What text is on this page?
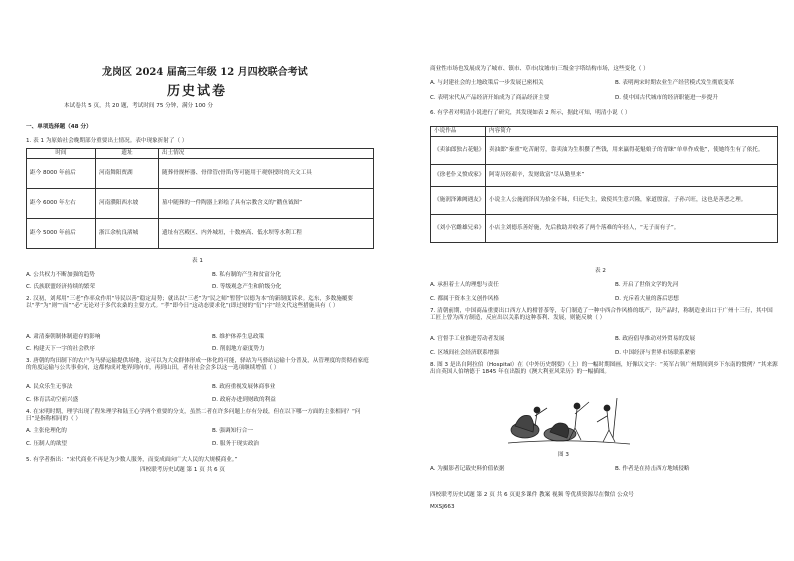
龙岗区 2024 届高三年级 12 月四校联合考试
历史试卷
本试卷共 5 页，共 20 题，考试时间 75 分钟，满分 100 分
一、单项选择题（48 分）
1. 表 1 为原始社会晚期部分重要出土情况。表中现象折射了（ ）
时间	遗址	出土情况
距今 8000 年前后	河南舞阳贾湖	随葬骨规杯器、骨律管(骨笛)等可能用于观察授时的天文工具
距今 6000 年左右	河南濮阳西水坡	墓中随葬的一件陶器上彩绘了具有宗教含义的“鹳鱼钺图”
距今 5000 年前后	浙江余杭良渚城	遗址有宫殿区、内外城垣，十数座高、低水坝等水利工程
表 1
A. 公共权力不断加强的趋势	B. 私有制的产生和贫富分化
C. 氏族联盟经济持续的繁荣	D. 等级观念产生和阶级分化
2. 汉初，刘邦用“三老”作率众作用“导民以善”稳定局势；就出以“三老”为“民之师”暂替“以德为本”的新制度诉求。迄东，多数施覆要以“孝”为“则”“而”“必”无论对于多代农桑的主要方式。“孝”即今日“这动态要求化”(即过财的“衍”)宇“经文代这些措施具有（ ）
A. 肃清秦朝制体制遗存的影响	B. 维护体养生息政策
C. 构建天下一字的社会秩序	D. 削弱地方豪度势力
3. 唐朝的均田制下的农户为马驿运输提供场地，这可以为大众群体形成一体化的可能，驿站为马驿站运输十分普及，从管理度的贯彻看家庭的角度运输与公共事业向，这都构成对地界到向市，再到山田，者有社会会多以这一选项继续增值（ ）
A. 民众乐生无事法	B. 政府重视发展休商事业
C. 体育活动空前兴盛	D. 政府办进到财政的利益
4. 在宋明时期，理学出现了程朱理学和陆王心学两个重要的分支，虽然二者在许多问题上存有分歧，但在以下哪一方面的主张相同？“问曰”是指称相同的（ ）
A. 主张伦理化的	B. 强调知行合一
C. 压制人的欲望	D. 服务于现实政治
5. 有学者指出：“宋代商业不再是为少数人服务，而变成面向广大人民的大规模商业。”
四校联考历史试题 第 1 页 共 6 页
商业性市场也发展成为了城市、镇市、草市(坟墟市)三级金字塔结构市场，这些变化（ ）
A. 与封建社会的土地政策后一步发展已密相关	B. 表明两宋时期农业生产经营模式发生彻底变革
C. 表明宋代从产品经济开始成为了商品经济主要	D. 使中国古代城市的经济职能进一步提升
6. 有学者对明清小说进行了研究，其发现如表 2 所示，据此可知，明清小说（ ）
小说作品	内容简介
《卖油郎独占花魁》	卖油郎“秦重”吃苦耐劳，靠卖油为生积攒了些钱，用来赢得花魁娘子的青睐“单单作成他”，使她终生有了依托。
《徐老仆义愤成家》	阿寄历经艰辛，发财致富“尽从勤里来”
《施润泽滩阙遇友》	小说主人公施润泽因为拾金不昧，归还失主，致使其生意兴隆，家道殷富，子孙兴旺，这也是善恶之理。
《刘小官雌雄兄弟》	小店主刘德乐善好施，先后救助并收养了两个落难的年轻人，“无子而有子”。
表 2
A. 承担着士人的理想与责任	B. 开启了世俗文学的先河
C. 都属于资本主义创作风格	D. 充斥着大量的落后思想
7. 清朝前期，中国商品重要出口西方人的柑普茶等，专门制造了一种中西合作风格的纸产，设产品时，称制造业出口于广州十三行，其中国工匠上曾为西方制造，反应出以关系的这种茶利、发展，则能反映（ ）
A. 官督手工业推进劳动者发展	B. 政府倡导推动对外贸易的发展
C. 区域间社会经济联系增强	D. 中国经济与世界市场联系紧密
8. 图 3 是出自阿拉伯（Hospital）在《中外历史纲要》（上）的一幅时期图画，好像以文字：“英军占领广州期间到乡下东南的惯例？”其来源出自英国人伯纳德于 1845 年在出版的《澳大利亚风采历》的一幅插图。
图 3
A. 为摄影者记载史料价值依据	B. 作者是在持击西方地域侵略
四校联考历史试题 第 2 页 共 6 页更多课件 教案 视频 等优质资源尽在微信 公众号
MXSJ663
